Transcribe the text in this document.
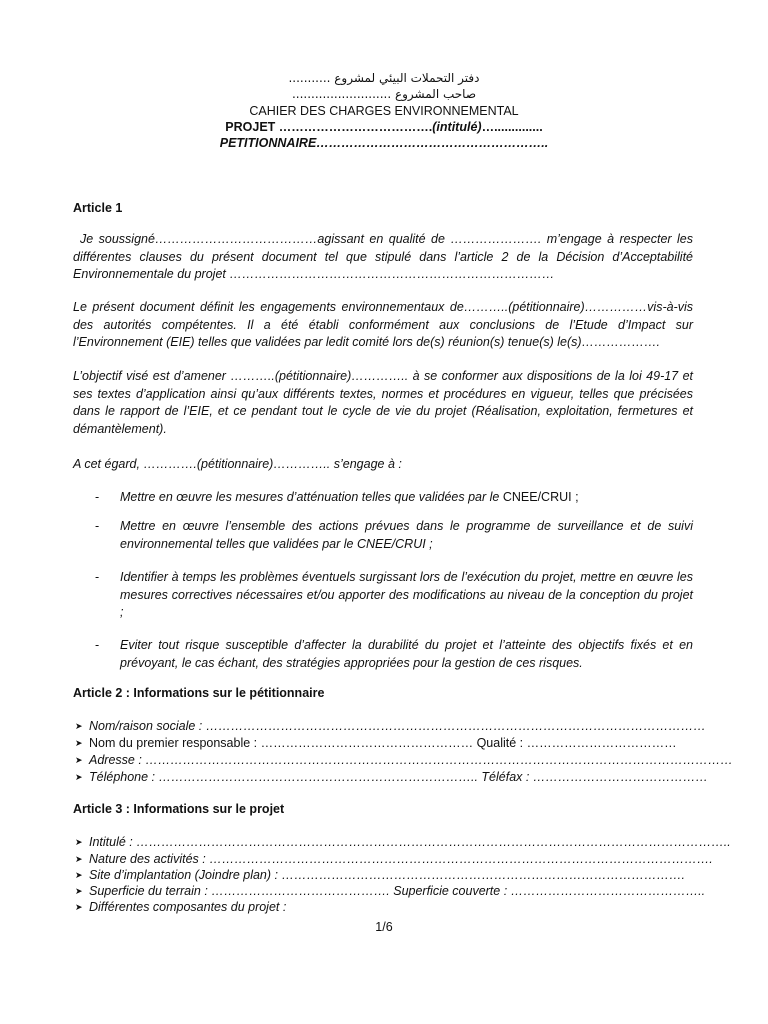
دفتر التحملات البيئي لمشروع ...........
صاحب المشروع ..........................
CAHIER DES CHARGES ENVIRONNEMENTAL
PROJET ……………………………….(intitulé)…..............
PETITIONNAIRE………………………………………………..
Article 1
Je soussigné…………………………………agissant en qualité de …………………. m’engage à respecter les différentes clauses du présent document tel que stipulé dans l’article 2 de la Décision d’Acceptabilité Environnementale du projet ……………………………………………………………………
Le présent document définit les engagements environnementaux de………..(pétitionnaire)……………vis-à-vis des autorités compétentes. Il a été établi conformément aux conclusions de l’Etude d’Impact sur l’Environnement (EIE) telles que validées par ledit comité lors de(s) réunion(s) tenue(s) le(s)……………….
L’objectif visé est d’amener ………..(pétitionnaire)………….. à se conformer aux dispositions de la loi 49-17 et ses textes d’application ainsi qu’aux différents textes, normes et procédures en vigueur, telles que précisées dans le rapport de l’EIE, et ce pendant tout le cycle de vie du projet (Réalisation, exploitation, fermetures et démantèlement).
A cet égard, ………….(pétitionnaire)………….. s’engage à :
-	Mettre en œuvre les mesures d’atténuation telles que validées par le CNEE/CRUI ;
-	Mettre en œuvre l’ensemble des actions prévues dans le programme de surveillance et de suivi environnemental telles que validées par le CNEE/CRUI ;
-	Identifier à temps les problèmes éventuels surgissant lors de l’exécution du projet, mettre en œuvre les mesures correctives nécessaires et/ou apporter des modifications au niveau de la conception du projet ;
-	Eviter tout risque susceptible d’affecter la durabilité du projet et l’atteinte des objectifs fixés et en prévoyant, le cas échant, des stratégies appropriées pour la gestion de ces risques.
Article 2 : Informations sur le pétitionnaire
➤ Nom/raison sociale : …………………………………………………………………………………………………………
➤ Nom du premier responsable : …………………………………………… Qualité : ………………………………
➤ Adresse : ……………………………………………………………………………………………………………………………
➤ Téléphone : ………………………………………………………………….. Téléfax : ……………………………………
Article 3 : Informations sur le projet
➤ Intitulé : ……………………………………………………………………………………………………………………………..
➤ Nature des activités : ………………………………………………………………………………………………………….
➤ Site d’implantation (Joindre plan) : …………………………………………………………………………………….
➤ Superficie du terrain : ……………………………………. Superficie couverte : ………………………………………..
➤ Différentes composantes du projet :
1/6
